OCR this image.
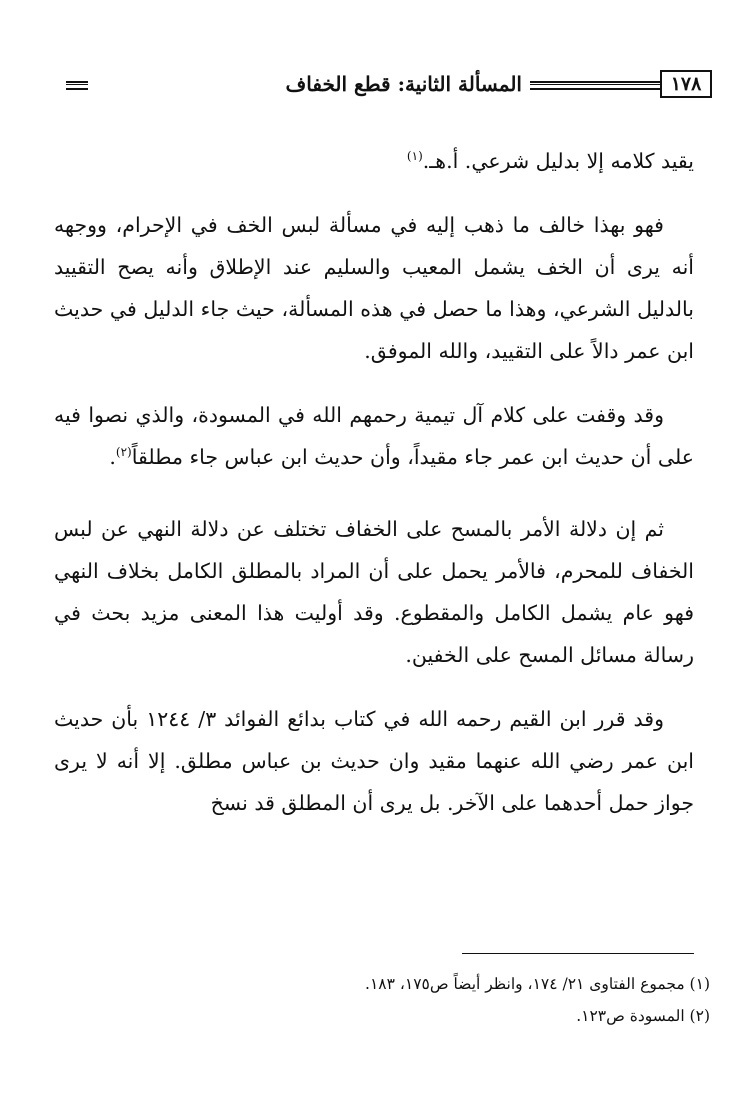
١٧٨
المسألة الثانية: قطع الخفاف

يقيد كلامه إلا بدليل شرعي. أ.هـ.$^{(١)}$

فهو بهذا خالف ما ذهب إليه في مسألة لبس الخف في الإحرام، ووجهه أنه يرى أن الخف يشمل المعيب والسليم عند الإطلاق وأنه يصح التقييد بالدليل الشرعي، وهذا ما حصل في هذه المسألة، حيث جاء الدليل في حديث ابن عمر دالاً على التقييد، والله الموفق.

وقد وقفت على كلام آل تيمية رحمهم الله في المسودة، والذي نصوا فيه على أن حديث ابن عمر جاء مقيداً، وأن حديث ابن عباس جاء مطلقاً$^{(٢)}$.

ثم إن دلالة الأمر بالمسح على الخفاف تختلف عن دلالة النهي عن لبس الخفاف للمحرم، فالأمر يحمل على أن المراد بالمطلق الكامل بخلاف النهي فهو عام يشمل الكامل والمقطوع. وقد أوليت هذا المعنى مزيد بحث في رسالة مسائل المسح على الخفين.

وقد قرر ابن القيم رحمه الله في كتاب بدائع الفوائد ٣/ ١٢٤٤ بأن حديث ابن عمر رضي الله عنهما مقيد وان حديث بن عباس مطلق. إلا أنه لا يرى جواز حمل أحدهما على الآخر. بل يرى أن المطلق قد نسخ

(١) مجموع الفتاوى ٢١/ ١٧٤، وانظر أيضاً ص١٧٥، ١٨٣.

(٢) المسودة ص١٢٣.
